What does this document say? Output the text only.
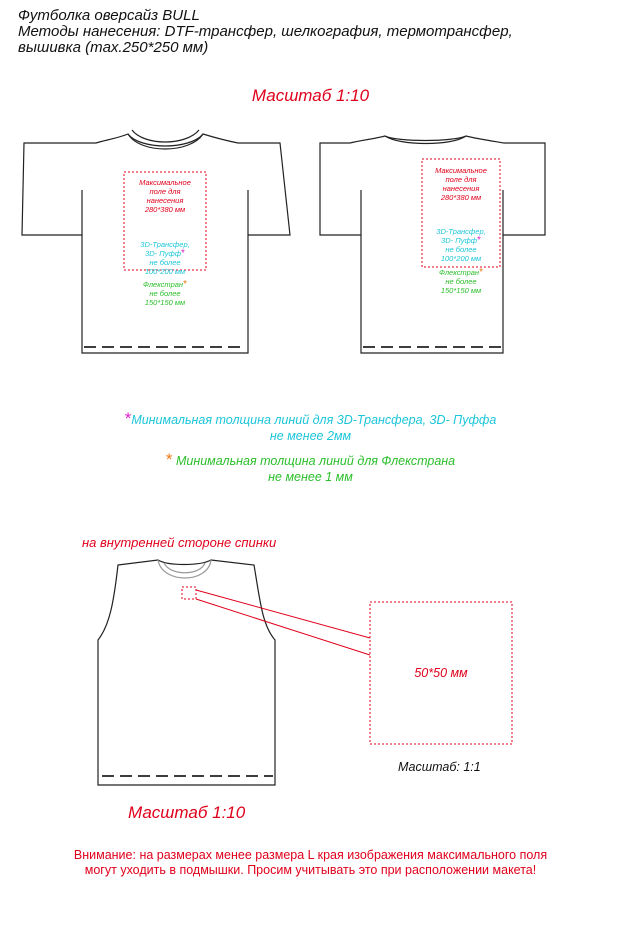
Футболка оверсайз BULL
Методы нанесения: DTF-трансфер, шелкография, термотрансфер,
вышивка (max.250*250 мм)
Масштаб 1:10
Максимальное
поле для
нанесения
280*380 мм
3D-Трансфер,
3D- Пуфф*
не более
100*200 мм
Флекстран*
не более
150*150 мм
Максимальное
поле для
нанесения
280*380 мм
3D-Трансфер,
3D- Пуфф*
не более
100*200 мм
Флекстран*
не более
150*150 мм
*Минимальная толщина линий для 3D-Трансфера, 3D- Пуффа
не менее 2мм
* Минимальная толщина линий для Флекстрана
не менее 1 мм
на внутренней стороне спинки
50*50 мм
Масштаб: 1:1
Масштаб 1:10
Внимание: на размерах менее размера L края изображения максимального поля
могут уходить в подмышки. Просим учитывать это при расположении макета!
